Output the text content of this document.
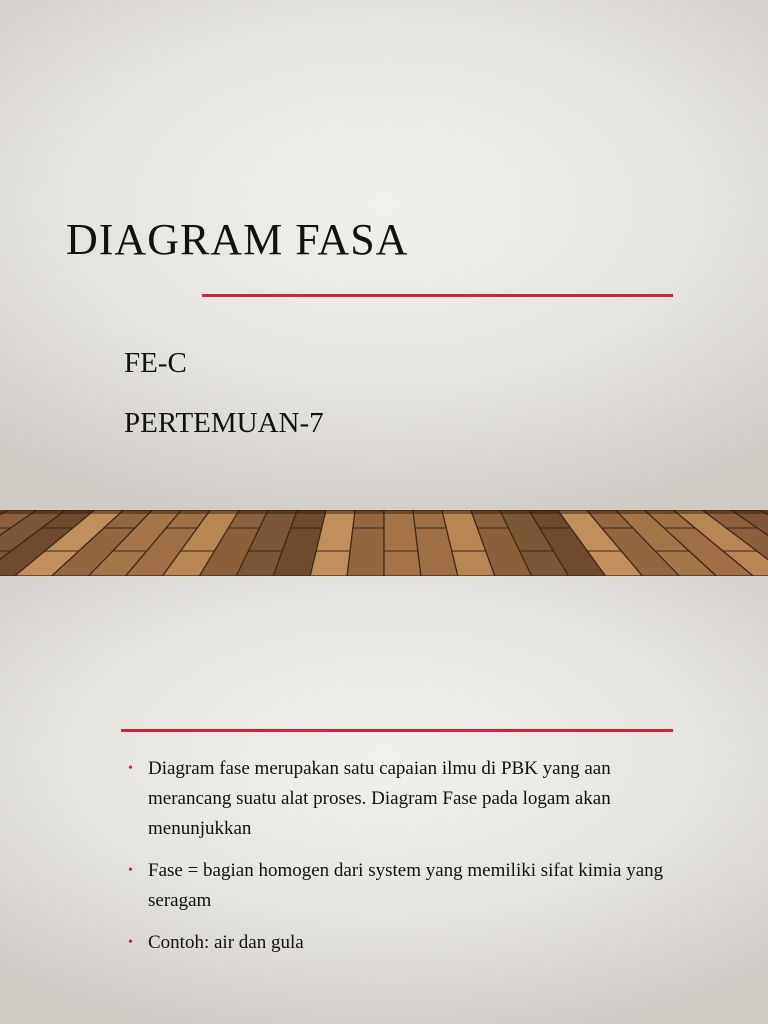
DIAGRAM FASA
FE-C
PERTEMUAN-7
• Diagram fase merupakan satu capaian ilmu di PBK yang aan merancang suatu alat proses. Diagram Fase pada logam akan menunjukkan
• Fase = bagian homogen dari system yang memiliki sifat kimia yang seragam
• Contoh: air dan gula
